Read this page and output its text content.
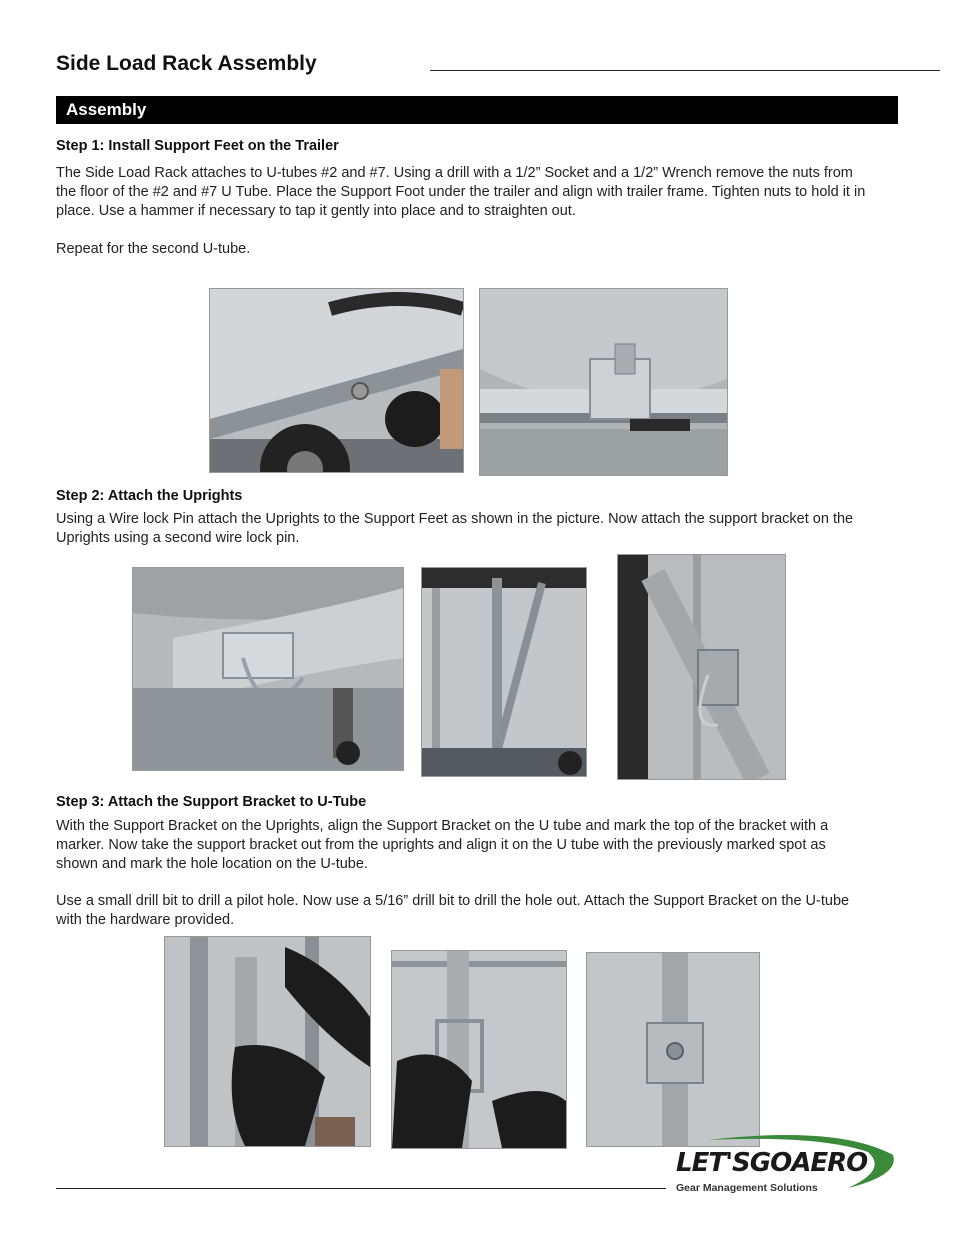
Side Load Rack Assembly
Assembly
Step 1: Install Support Feet on the Trailer

The Side Load Rack attaches to U-tubes #2 and #7. Using a drill with a 1/2” Socket and a 1/2” Wrench remove the nuts from the floor of the #2 and #7 U Tube. Place the Support Foot under the trailer and align with trailer frame. Tighten nuts to hold it in place. Use a hammer if necessary to tap it gently into place and to straighten out.

Repeat for the second U-tube.

Step 2: Attach the Uprights

Using a Wire lock Pin attach the Uprights to the Support Feet as shown in the picture. Now attach the support bracket on the Uprights using a second wire lock pin.

Step 3: Attach the Support Bracket to U-Tube

With the Support Bracket on the Uprights, align the Support Bracket on the U tube and mark the top of the bracket with a marker. Now take the support bracket out from the uprights and align it on the U tube with the previously marked spot as shown and mark the hole location on the U-tube.

Use a small drill bit to drill a pilot hole. Now use a 5/16” drill bit to drill the hole out. Attach the Support Bracket on the U-tube with the hardware provided.

LET'SGOAERO
Gear Management Solutions
